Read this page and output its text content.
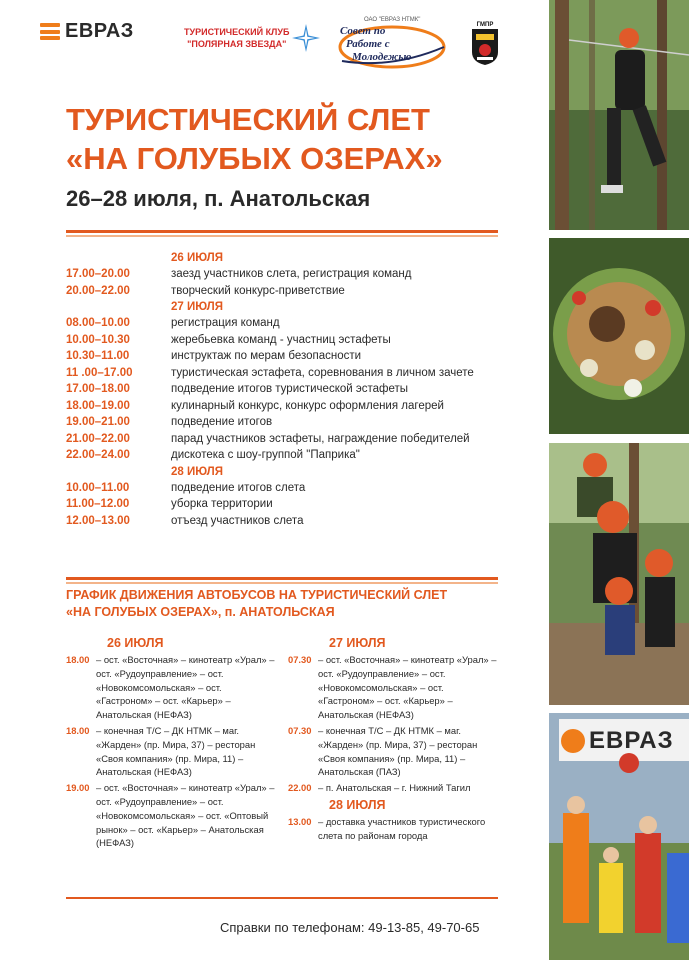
ЕВРАЗ	ТУРИСТИЧЕСКИЙ КЛУБ
"ПОЛЯРНАЯ ЗВЕЗДА"
ОАО "ЕВРАЗ НТМК"
Совет по
Работе с
Молодежью
ГМПР
ТУРИСТИЧЕСКИЙ СЛЕТ
«НА ГОЛУБЫХ ОЗЕРАХ»
26–28 июля, п. Анатольская
26 ИЮЛЯ
17.00–20.00	заезд участников слета, регистрация команд
20.00–22.00	творческий конкурс-приветствие
27 ИЮЛЯ
08.00–10.00	регистрация команд
10.00–10.30	жеребьевка команд - участниц эстафеты
10.30–11.00	инструктаж по мерам безопасности
11 .00–17.00	туристическая эстафета, соревнования в личном зачете
17.00–18.00	подведение итогов туристической эстафеты
18.00–19.00	кулинарный конкурс, конкурс оформления лагерей
19.00–21.00	подведение итогов
21.00–22.00	парад участников эстафеты, награждение победителей
22.00–24.00	дискотека с шоу-группой "Паприка"
28 ИЮЛЯ
10.00–11.00	подведение итогов слета
11.00–12.00	уборка территории
12.00–13.00	отъезд участников слета
ГРАФИК ДВИЖЕНИЯ АВТОБУСОВ НА ТУРИСТИЧЕСКИЙ СЛЕТ
«НА ГОЛУБЫХ ОЗЕРАХ», п. АНАТОЛЬСКАЯ
26 ИЮЛЯ
18.00 – ост. «Восточная» – кинотеатр «Урал» – ост. «Рудоуправление» – ост. «Новокомсомольская» – ост. «Гастроном» – ост. «Карьер» – Анатольская (НЕФАЗ)
18.00 – конечная Т/С – ДК НТМК – маг. «Жарден» (пр. Мира, 37) – ресторан «Своя компания» (пр. Мира, 11) – Анатольская (НЕФАЗ)
19.00 – ост. «Восточная» – кинотеатр «Урал» – ост. «Рудоуправление» – ост. «Новокомсомольская» – ост. «Оптовый рынок» – ост. «Карьер» – Анатольская (НЕФАЗ)
27 ИЮЛЯ
07.30 – ост. «Восточная» – кинотеатр «Урал» – ост. «Рудоуправление» – ост. «Новокомсомольская» – ост. «Гастроном» – ост. «Карьер» – Анатольская (НЕФАЗ)
07.30 – конечная Т/С – ДК НТМК – маг. «Жарден» (пр. Мира, 37) – ресторан «Своя компания» (пр. Мира, 11) – Анатольская (ПАЗ)
22.00 – п. Анатольская – г. Нижний Тагил
28 ИЮЛЯ
13.00 – доставка участников туристического слета по районам города
Справки по телефонам: 49-13-85, 49-70-65
ЕВРАЗ
